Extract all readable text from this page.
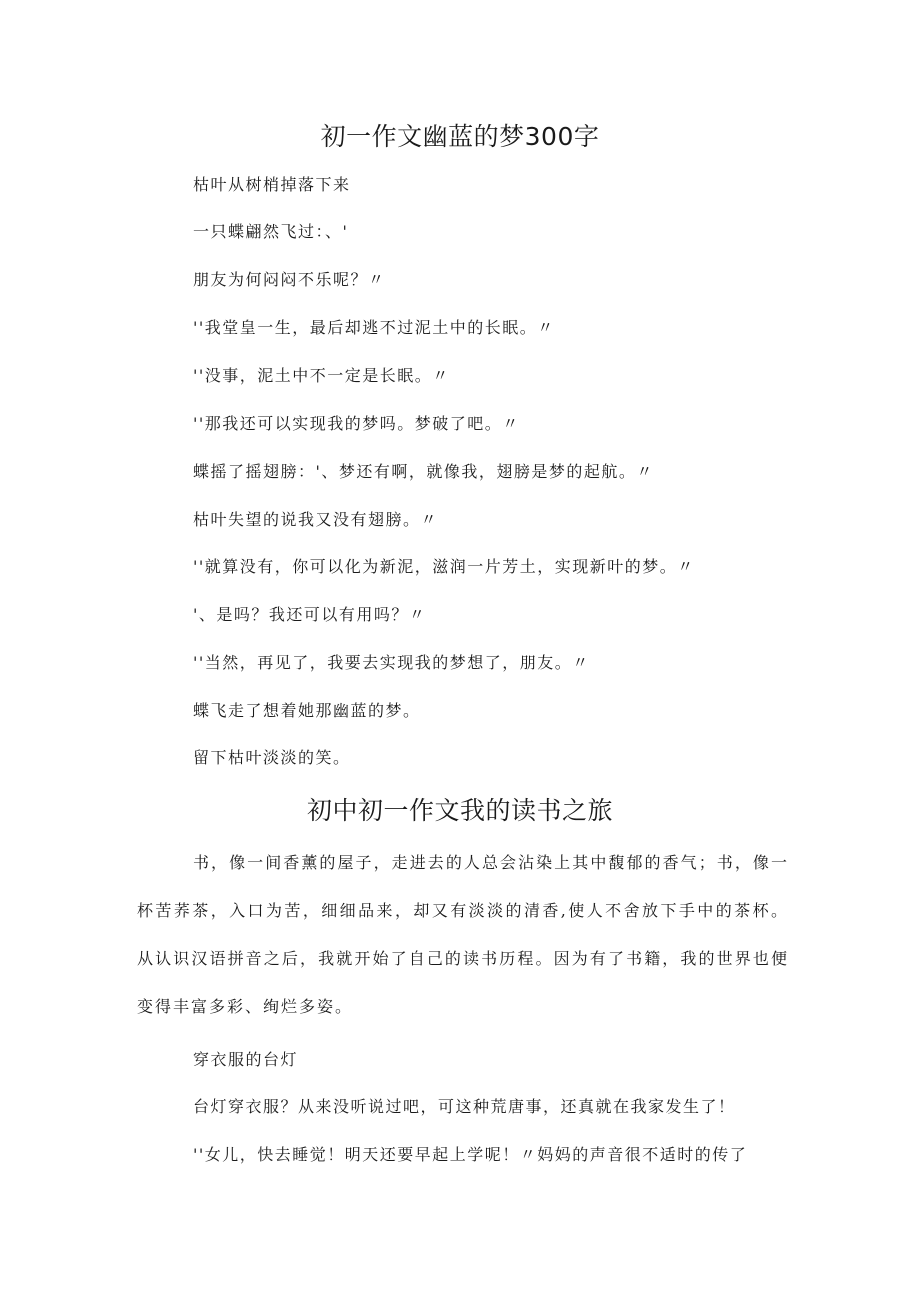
初一作文幽蓝的梦300字

枯叶从树梢掉落下来

一只蝶翩然飞过：、'

朋友为何闷闷不乐呢？〃

''我堂皇一生，最后却逃不过泥土中的长眠。〃

''没事，泥土中不一定是长眠。〃

''那我还可以实现我的梦吗。梦破了吧。〃

蝶摇了摇翅膀：'、梦还有啊，就像我，翅膀是梦的起航。〃

枯叶失望的说我又没有翅膀。〃

''就算没有，你可以化为新泥，滋润一片芳土，实现新叶的梦。〃

'、是吗？我还可以有用吗？〃

''当然，再见了，我要去实现我的梦想了，朋友。〃

蝶飞走了想着她那幽蓝的梦。

留下枯叶淡淡的笑。

初中初一作文我的读书之旅

书，像一间香薰的屋子，走进去的人总会沾染上其中馥郁的香气；书，像一杯苦荞茶，入口为苦，细细品来，却又有淡淡的清香,使人不舍放下手中的茶杯。从认识汉语拼音之后，我就开始了自己的读书历程。因为有了书籍，我的世界也便变得丰富多彩、绚烂多姿。

穿衣服的台灯

台灯穿衣服？从来没听说过吧，可这种荒唐事，还真就在我家发生了！

''女儿，快去睡觉！明天还要早起上学呢！〃妈妈的声音很不适时的传了
